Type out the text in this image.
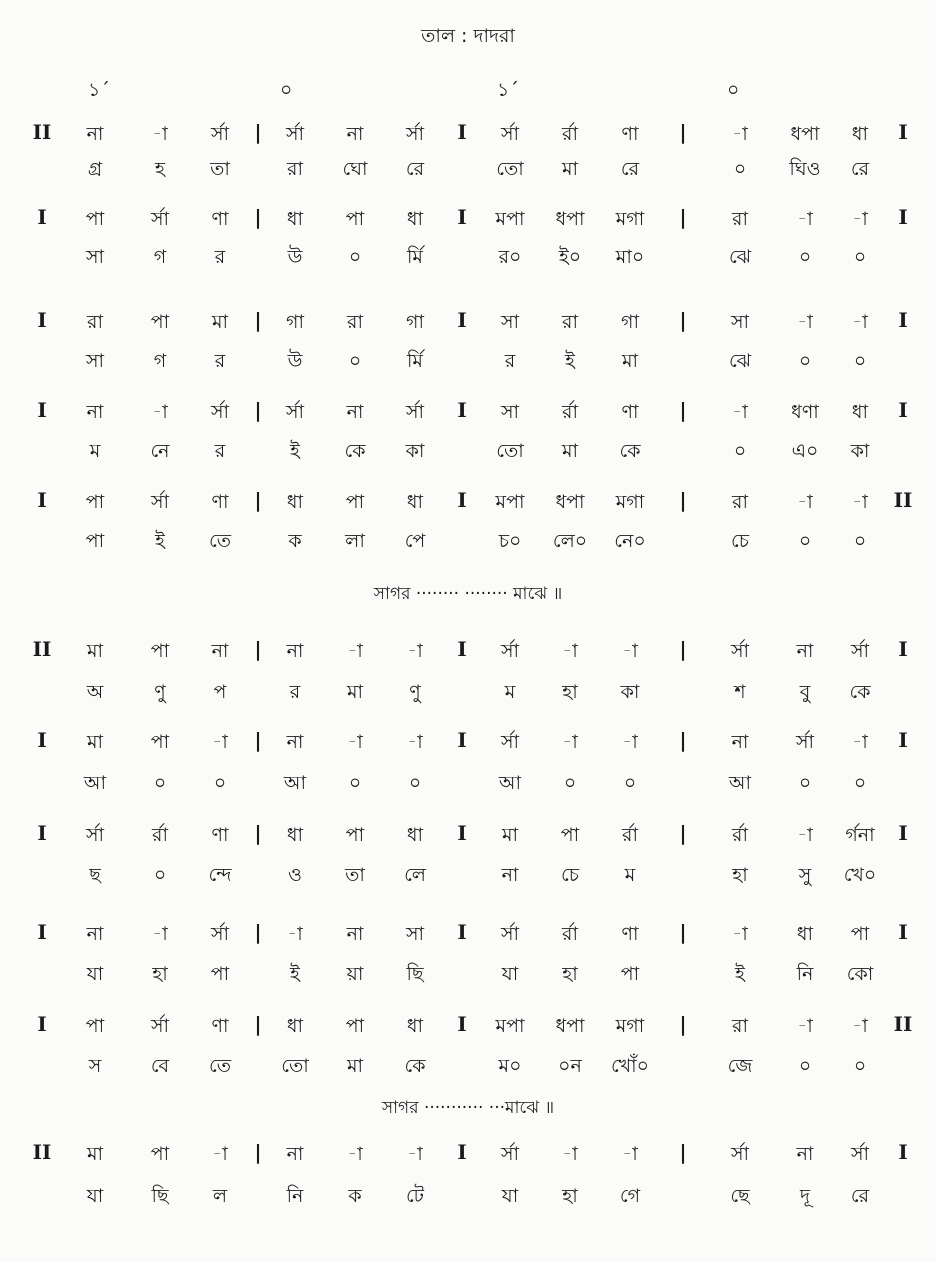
তাল : দাদরা
১´	০	১´	০
II	|	I	|	I
না	-া	র্সা	র্সা	না	র্সা	র্সা	র্রা	ণা	-া	ধপা	ধা
গ্র	হ	তা	রা	ঘো	রে	তো	মা	রে	০	ঘিও	রে
I	|	I	|	I
পা	র্সা	ণা	ধা	পা	ধা	মপা	ধপা	মগা	রা	-া	-া
সা	গ	র	উ	০	র্মি	র০	ই০	মা০	ঝে	০	০
I	|	I	|	I
রা	পা	মা	গা	রা	গা	সা	রা	গা	সা	-া	-া
সা	গ	র	উ	০	র্মি	র	ই	মা	ঝে	০	০
I	|	I	|	I
না	-া	র্সা	র্সা	না	র্সা	সা	র্রা	ণা	-া	ধণা	ধা
ম	নে	র	ই	কে	কা	তো	মা	কে	০	এ০	কা
I	|	I	|	II
পা	র্সা	ণা	ধা	পা	ধা	মপা	ধপা	মগা	রা	-া	-া
পা	ই	তে	ক	লা	পে	চ০	লে০	নে০	চে	০	০
সাগর ········ ········ মাঝে ॥
II	|	I	|	I
মা	পা	না	না	-া	-া	র্সা	-া	-া	র্সা	না	র্সা
অ	ণু	প	র	মা	ণু	ম	হা	কা	শ	বু	কে
I	|	I	|	I
মা	পা	-া	না	-া	-া	র্সা	-া	-া	না	র্সা	-া
আ	০	০	আ	০	০	আ	০	০	আ	০	০
I	|	I	|	I
র্সা	র্রা	ণা	ধা	পা	ধা	মা	পা	র্রা	র্রা	-া	র্গনা
ছ	০	ন্দে	ও	তা	লে	না	চে	ম	হা	সু	খে০
I	|	I	|	I
না	-া	র্সা	-া	না	সা	র্সা	র্রা	ণা	-া	ধা	পা
যা	হা	পা	ই	য়া	ছি	যা	হা	পা	ই	নি	কো
I	|	I	|	II
পা	র্সা	ণা	ধা	পা	ধা	মপা	ধপা	মগা	রা	-া	-া
স	বে	তে	তো	মা	কে	ম০	০ন	খোঁ০	জে	০	০
সাগর ··········· ···মাঝে ॥
II	|	I	|	I
মা	পা	-া	না	-া	-া	র্সা	-া	-া	র্সা	না	র্সা
যা	ছি	ল	নি	ক	টে	যা	হা	গে	ছে	দূ	রে
